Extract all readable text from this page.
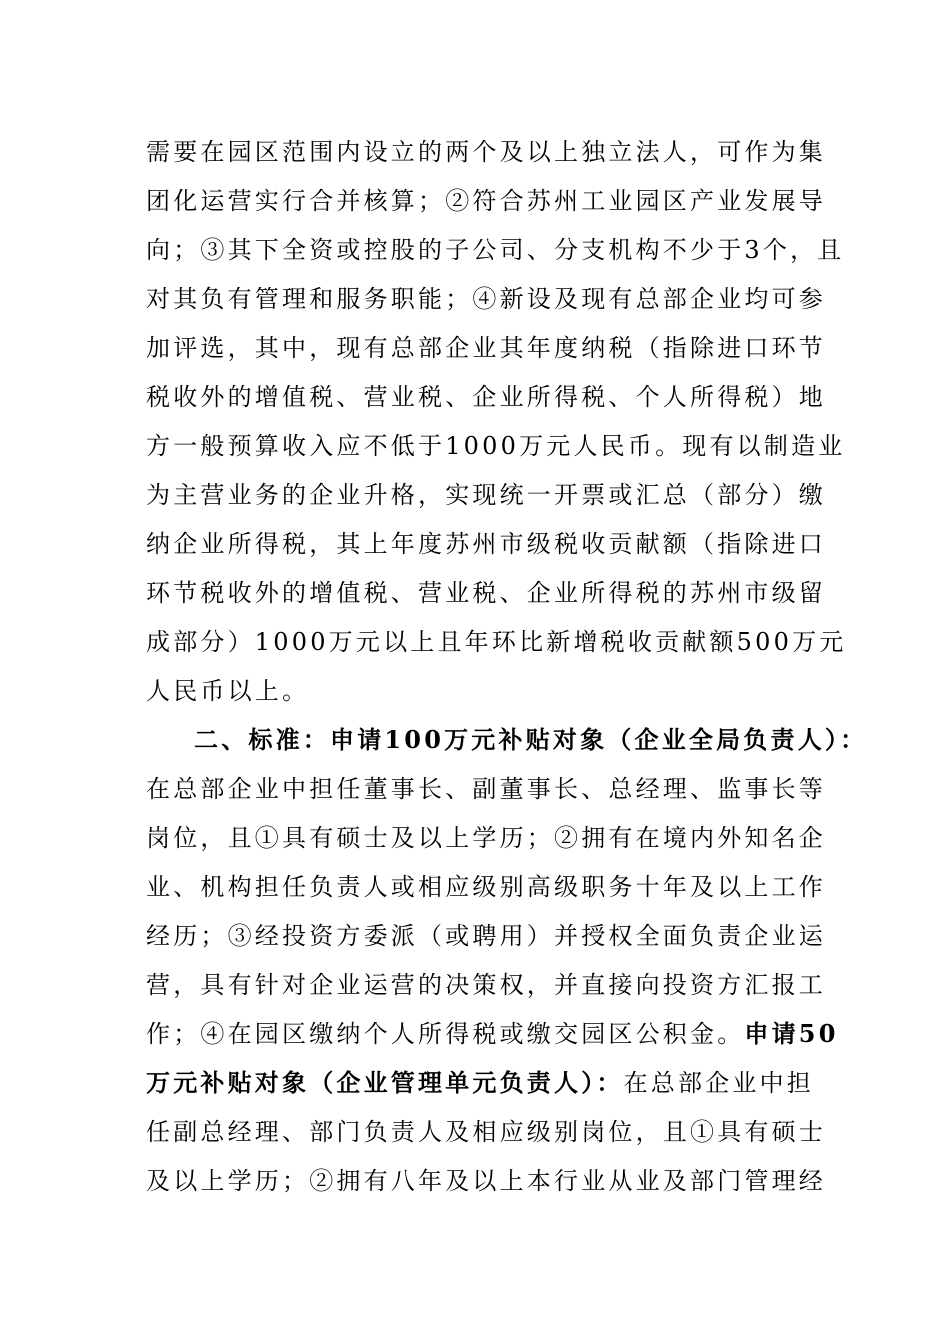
需要在园区范围内设立的两个及以上独立法人，可作为集
团化运营实行合并核算；②符合苏州工业园区产业发展导
向；③其下全资或控股的子公司、分支机构不少于3个，且
对其负有管理和服务职能；④新设及现有总部企业均可参
加评选，其中，现有总部企业其年度纳税（指除进口环节
税收外的增值税、营业税、企业所得税、个人所得税）地
方一般预算收入应不低于1000万元人民币。现有以制造业
为主营业务的企业升格，实现统一开票或汇总（部分）缴
纳企业所得税，其上年度苏州市级税收贡献额（指除进口
环节税收外的增值税、营业税、企业所得税的苏州市级留
成部分）1000万元以上且年环比新增税收贡献额500万元
人民币以上。
二、标准：申请100万元补贴对象（企业全局负责人）：
在总部企业中担任董事长、副董事长、总经理、监事长等
岗位，且①具有硕士及以上学历；②拥有在境内外知名企
业、机构担任负责人或相应级别高级职务十年及以上工作
经历；③经投资方委派（或聘用）并授权全面负责企业运
营，具有针对企业运营的决策权，并直接向投资方汇报工
作；④在园区缴纳个人所得税或缴交园区公积金。申请50
万元补贴对象（企业管理单元负责人）：在总部企业中担
任副总经理、部门负责人及相应级别岗位，且①具有硕士
及以上学历；②拥有八年及以上本行业从业及部门管理经
